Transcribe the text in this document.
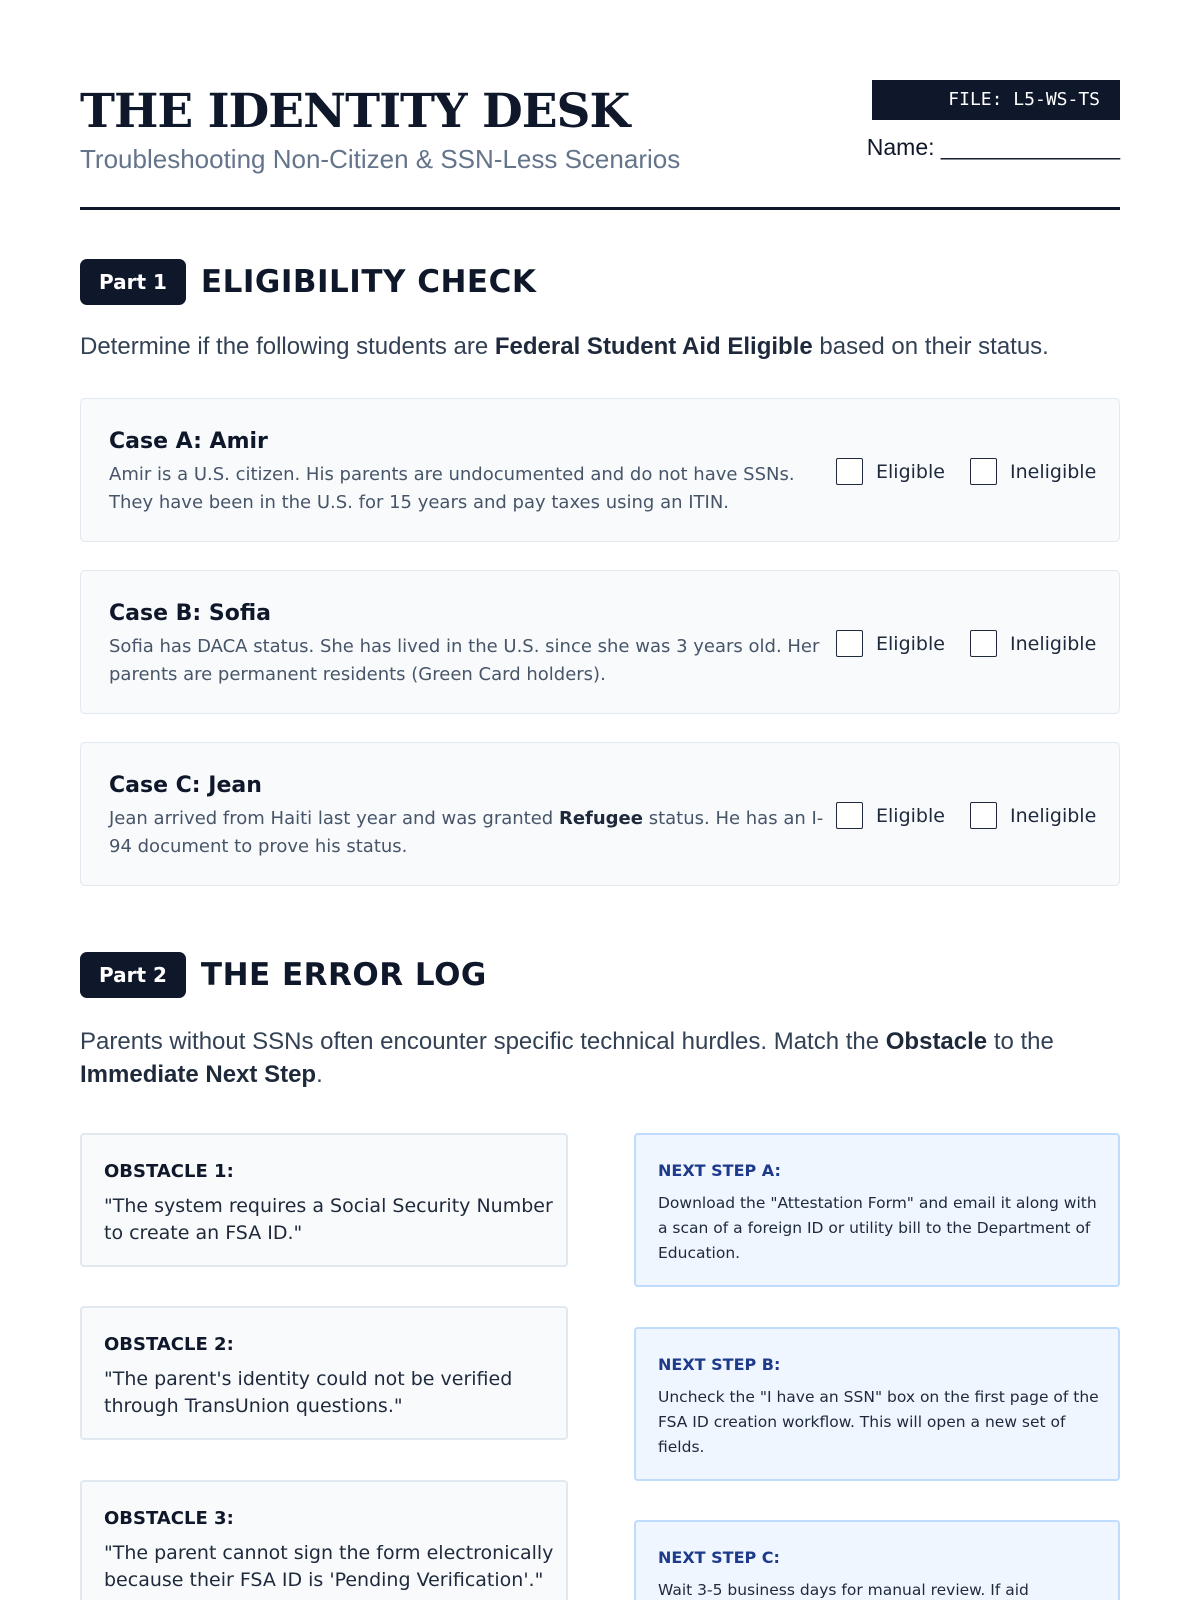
THE IDENTITY DESK
Troubleshooting Non-Citizen & SSN-Less Scenarios
FILE: L5-WS-TS
Name: ______________
Part 1	ELIGIBILITY CHECK
Determine if the following students are Federal Student Aid Eligible based on their status.
Case A: Amir
Amir is a U.S. citizen. His parents are undocumented and do not have SSNs. They have been in the U.S. for 15 years and pay taxes using an ITIN.
Eligible	Ineligible
Case B: Sofia
Sofia has DACA status. She has lived in the U.S. since she was 3 years old. Her parents are permanent residents (Green Card holders).
Eligible	Ineligible
Case C: Jean
Jean arrived from Haiti last year and was granted Refugee status. He has an I-94 document to prove his status.
Eligible	Ineligible
Part 2	THE ERROR LOG
Parents without SSNs often encounter specific technical hurdles. Match the Obstacle to the Immediate Next Step.
OBSTACLE 1:
"The system requires a Social Security Number to create an FSA ID."
OBSTACLE 2:
"The parent's identity could not be verified through TransUnion questions."
OBSTACLE 3:
"The parent cannot sign the form electronically because their FSA ID is 'Pending Verification'."
NEXT STEP A:
Download the "Attestation Form" and email it along with a scan of a foreign ID or utility bill to the Department of Education.
NEXT STEP B:
Uncheck the "I have an SSN" box on the first page of the FSA ID creation workflow. This will open a new set of fields.
NEXT STEP C:
Wait 3-5 business days for manual review. If aid
